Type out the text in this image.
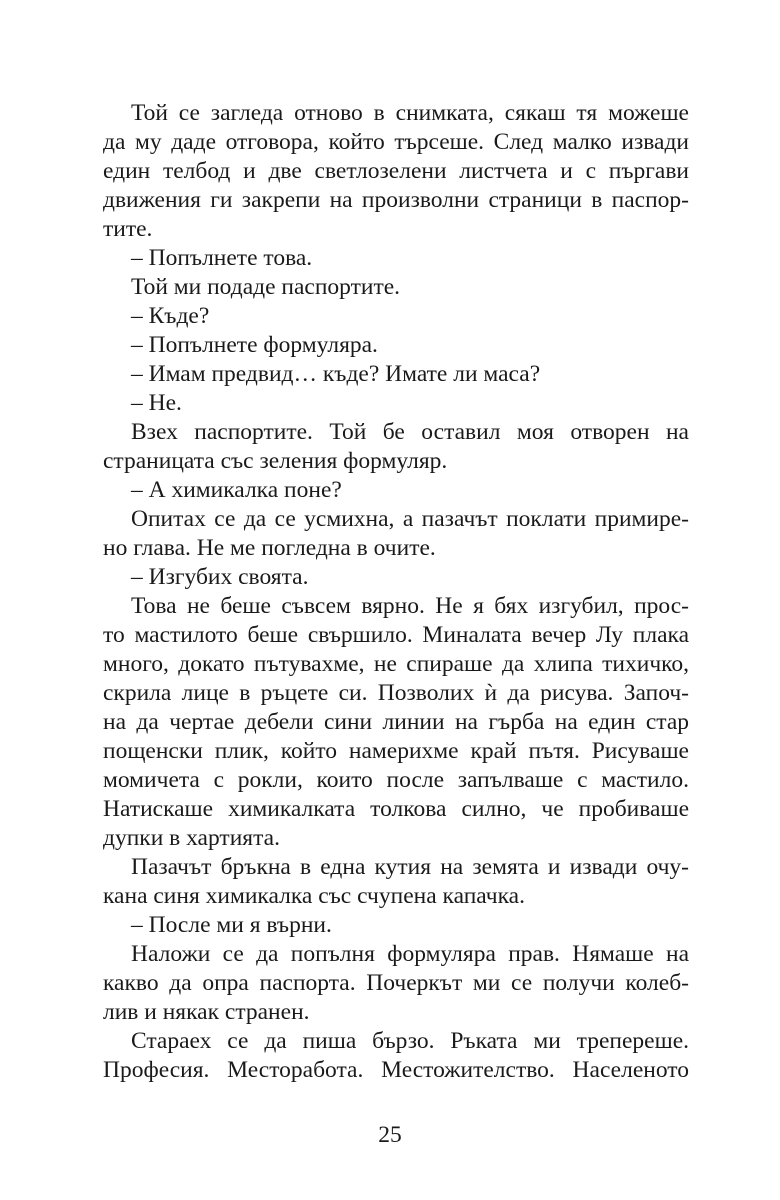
Той се загледа отново в снимката, сякаш тя можеше
да му даде отговора, който търсеше. След малко извади
един телбод и две светлозелени листчета и с пъргави
движения ги закрепи на произволни страници в паспор-
тите.
– Попълнете това.
Той ми подаде паспортите.
– Къде?
– Попълнете формуляра.
– Имам предвид… къде? Имате ли маса?
– Не.
Взех паспортите. Той бе оставил моя отворен на
страницата със зеления формуляр.
– А химикалка поне?
Опитах се да се усмихна, а пазачът поклати примире-
но глава. Не ме погледна в очите.
– Изгубих своята.
Това не беше съвсем вярно. Не я бях изгубил, прос-
то мастилото беше свършило. Миналата вечер Лу плака
много, докато пътувахме, не спираше да хлипа тихичко,
скрила лице в ръцете си. Позволих ѝ да рисува. Започ-
на да чертае дебели сини линии на гърба на един стар
пощенски плик, който намерихме край пътя. Рисуваше
момичета с рокли, които после запълваше с мастило.
Натискаше химикалката толкова силно, че пробиваше
дупки в хартията.
Пазачът бръкна в една кутия на земята и извади очу-
кана синя химикалка със счупена капачка.
– После ми я върни.
Наложи се да попълня формуляра прав. Нямаше на
какво да опра паспорта. Почеркът ми се получи колеб-
лив и някак странен.
Стараех се да пиша бързо. Ръката ми трепереше.
Професия. Месторабота. Местожителство. Населеното
25
